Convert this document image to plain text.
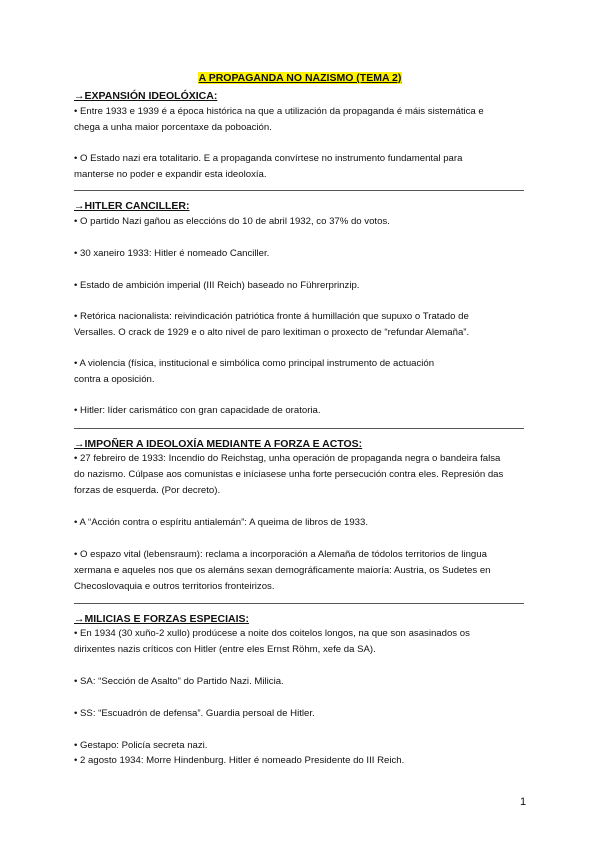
A PROPAGANDA NO NAZISMO (TEMA 2)
→EXPANSIÓN IDEOLÓXICA:
• Entre 1933 e 1939 é a época histórica na que a utilización da propaganda é máis sistemática e
chega a unha maior porcentaxe da poboación.
• O Estado nazi era totalitario. E a propaganda convírtese no instrumento fundamental para
manterse no poder e expandir esta ideoloxía.
→HITLER CANCILLER:
• O partido Nazi gañou as eleccións do 10 de abril 1932, co 37% do votos.
• 30 xaneiro 1933: Hitler é nomeado Canciller.
• Estado de ambición imperial (III Reich) baseado no Führerprinzip.
• Retórica nacionalista: reivindicación patriótica fronte á humillación que supuxo o Tratado de
Versalles. O crack de 1929 e o alto nivel de paro lexitiman o proxecto de “refundar Alemaña”.
• A violencia (física, institucional e simbólica como principal instrumento de actuación
contra a oposición.
• Hitler: líder carismático con gran capacidade de oratoria.
→IMPOÑER A IDEOLOXÍA MEDIANTE A FORZA E ACTOS:
• 27 febreiro de 1933: Incendio do Reichstag, unha operación de propaganda negra o bandeira falsa
do nazismo. Cúlpase aos comunistas e iníciasese unha forte persecución contra eles. Represión das
forzas de esquerda. (Por decreto).
• A “Acción contra o espíritu antialemán”: A queima de libros de 1933.
• O espazo vital (lebensraum): reclama a incorporación a Alemaña de tódolos territorios de lingua
xermana e aqueles nos que os alemáns sexan demográficamente maioría: Austria, os Sudetes en
Checoslovaquia e outros territorios fronteirizos.
→MILICIAS E FORZAS ESPECIAIS:
• En 1934 (30 xuño-2 xullo) prodúcese a noite dos coitelos longos, na que son asasinados os
dirixentes nazis críticos con Hitler (entre eles Ernst Röhm, xefe da SA).
• SA: “Sección de Asalto” do Partido Nazi. Milicia.
• SS: “Escuadrón de defensa”. Guardia persoal de Hitler.
• Gestapo: Policía secreta nazi.
• 2 agosto 1934: Morre Hindenburg. Hitler é nomeado Presidente do III Reich.
1
